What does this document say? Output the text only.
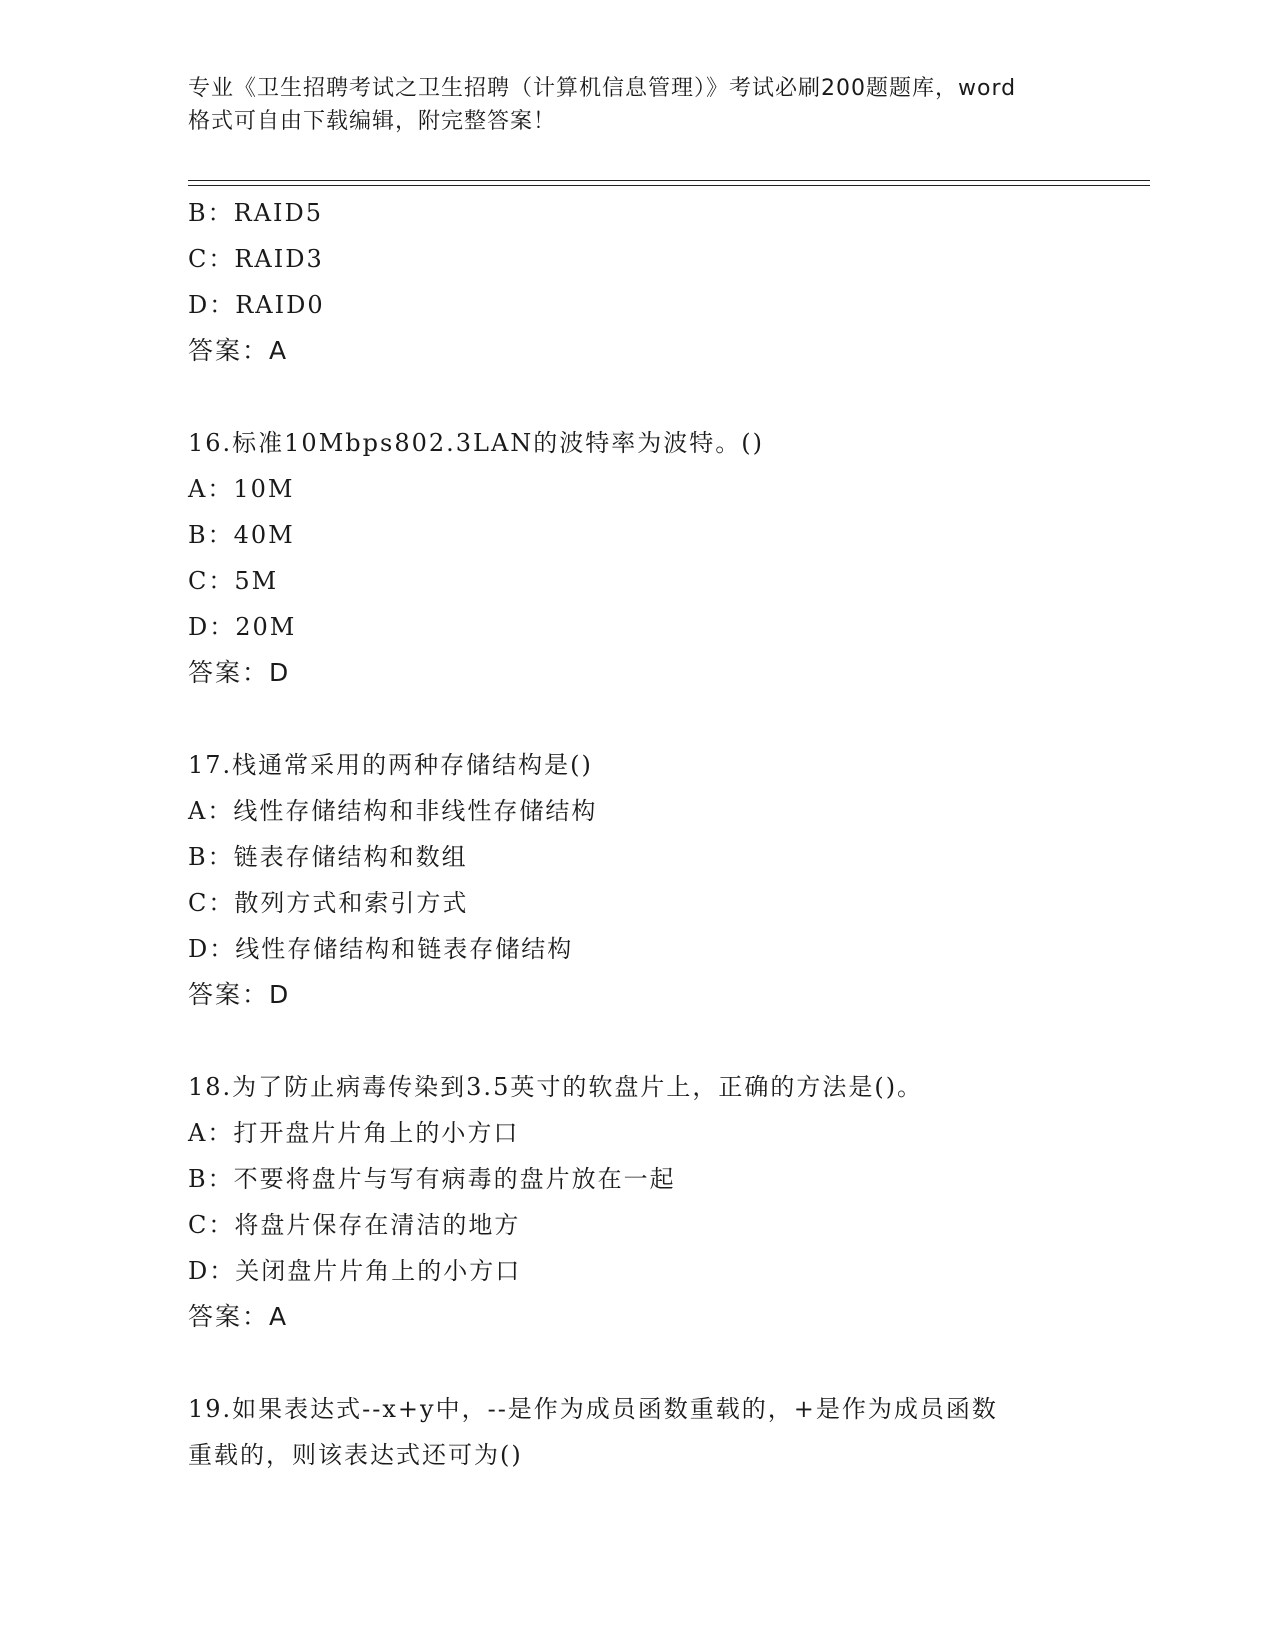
专业《卫生招聘考试之卫生招聘（计算机信息管理）》考试必刷200题题库，word
格式可自由下载编辑，附完整答案！
B：RAID5
C：RAID3
D：RAID0
答案：A
16.标准10Mbps802.3LAN的波特率为波特。()
A：10M
B：40M
C：5M
D：20M
答案：D
17.栈通常采用的两种存储结构是()
A：线性存储结构和非线性存储结构
B：链表存储结构和数组
C：散列方式和索引方式
D：线性存储结构和链表存储结构
答案：D
18.为了防止病毒传染到3.5英寸的软盘片上，正确的方法是()。
A：打开盘片片角上的小方口
B：不要将盘片与写有病毒的盘片放在一起
C：将盘片保存在清洁的地方
D：关闭盘片片角上的小方口
答案：A
19.如果表达式--x+y中，--是作为成员函数重载的，+是作为成员函数
重载的，则该表达式还可为()
